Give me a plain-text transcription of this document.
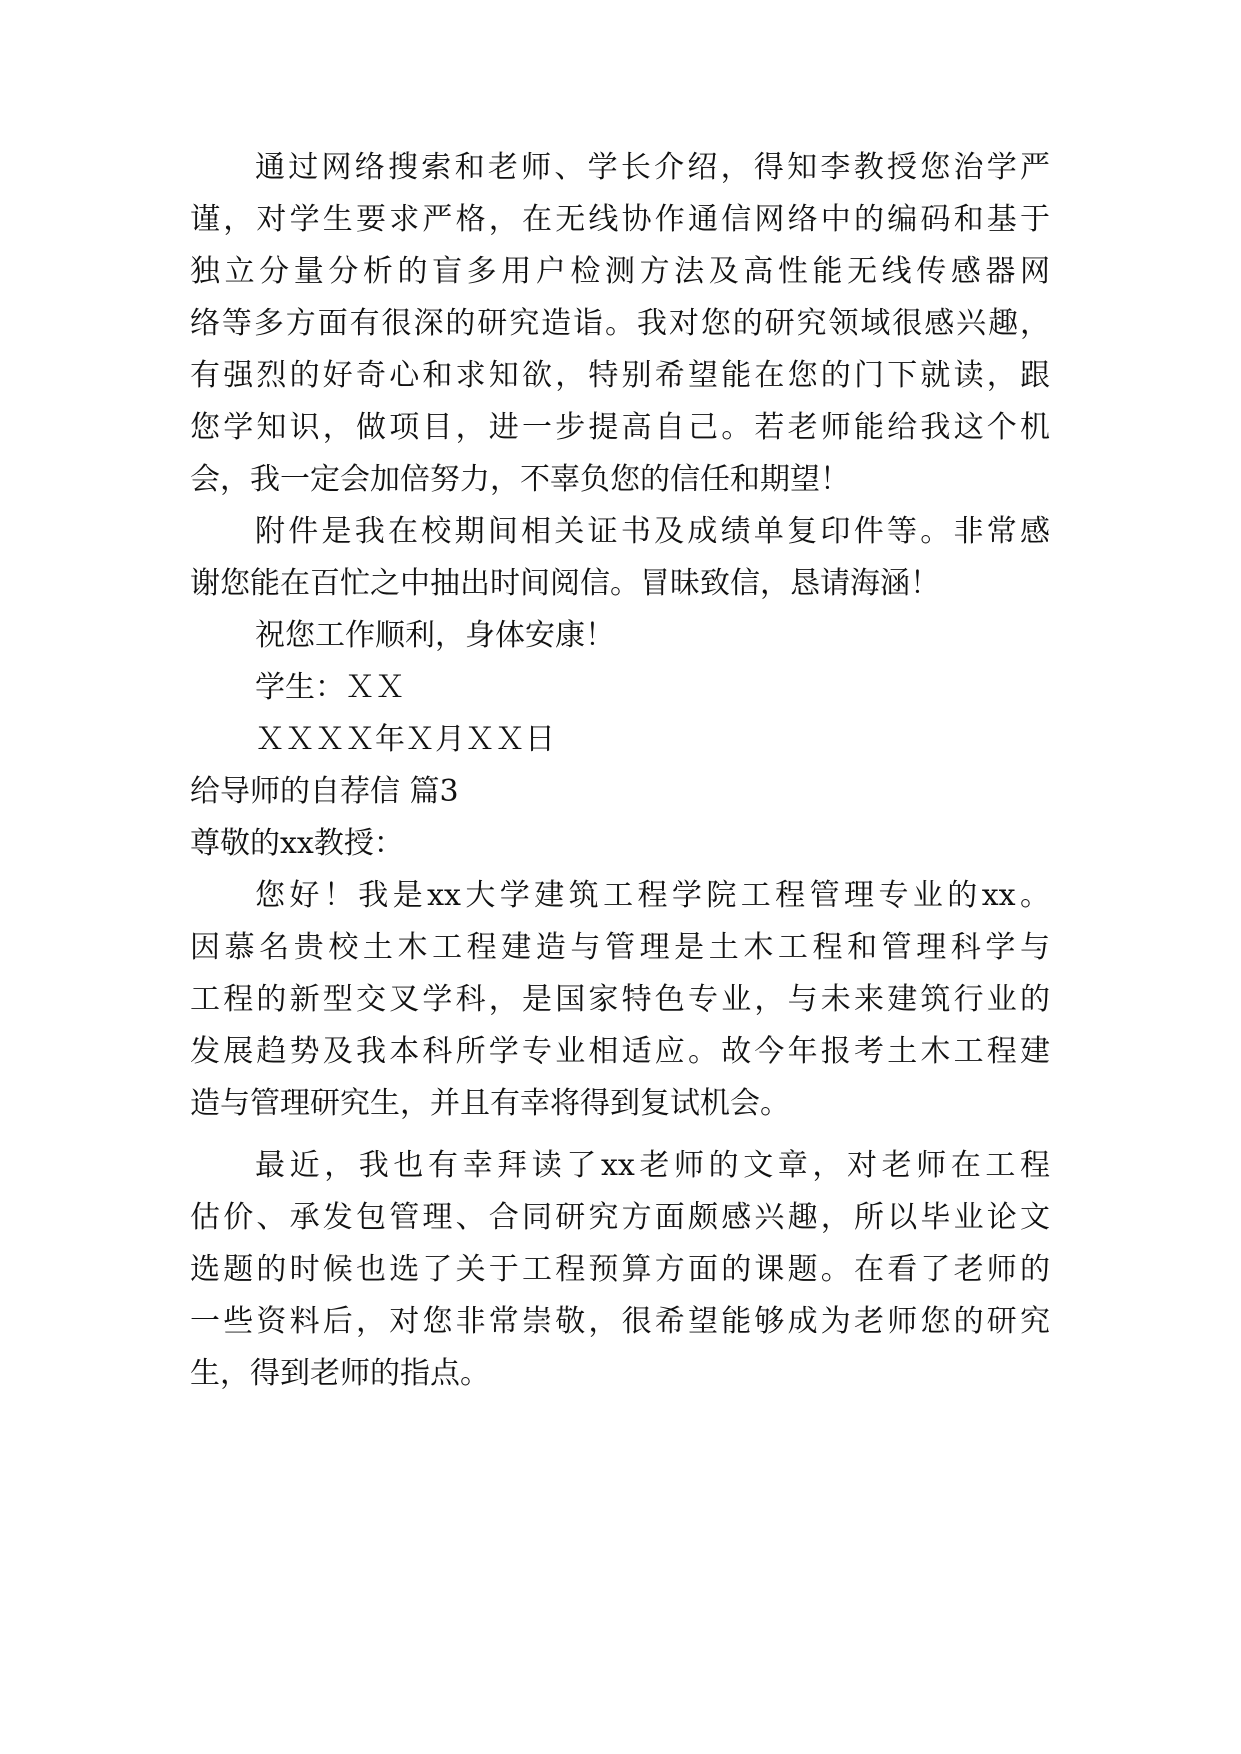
通过网络搜索和老师、学长介绍，得知李教授您治学严
谨，对学生要求严格，在无线协作通信网络中的编码和基于
独立分量分析的盲多用户检测方法及高性能无线传感器网
络等多方面有很深的研究造诣。我对您的研究领域很感兴趣，
有强烈的好奇心和求知欲，特别希望能在您的门下就读，跟
您学知识，做项目，进一步提高自己。若老师能给我这个机
会，我一定会加倍努力，不辜负您的信任和期望！
附件是我在校期间相关证书及成绩单复印件等。非常感
谢您能在百忙之中抽出时间阅信。冒昧致信，恳请海涵！
祝您工作顺利，身体安康！
学生：ＸＸ
ＸＸＸＸ年Ｘ月ＸＸ日
给导师的自荐信 篇3
尊敬的xx教授：
您好！我是xx大学建筑工程学院工程管理专业的xx。
因慕名贵校土木工程建造与管理是土木工程和管理科学与
工程的新型交叉学科，是国家特色专业，与未来建筑行业的
发展趋势及我本科所学专业相适应。故今年报考土木工程建
造与管理研究生，并且有幸将得到复试机会。
最近，我也有幸拜读了xx老师的文章，对老师在工程
估价、承发包管理、合同研究方面颇感兴趣，所以毕业论文
选题的时候也选了关于工程预算方面的课题。在看了老师的
一些资料后，对您非常崇敬，很希望能够成为老师您的研究
生，得到老师的指点。
